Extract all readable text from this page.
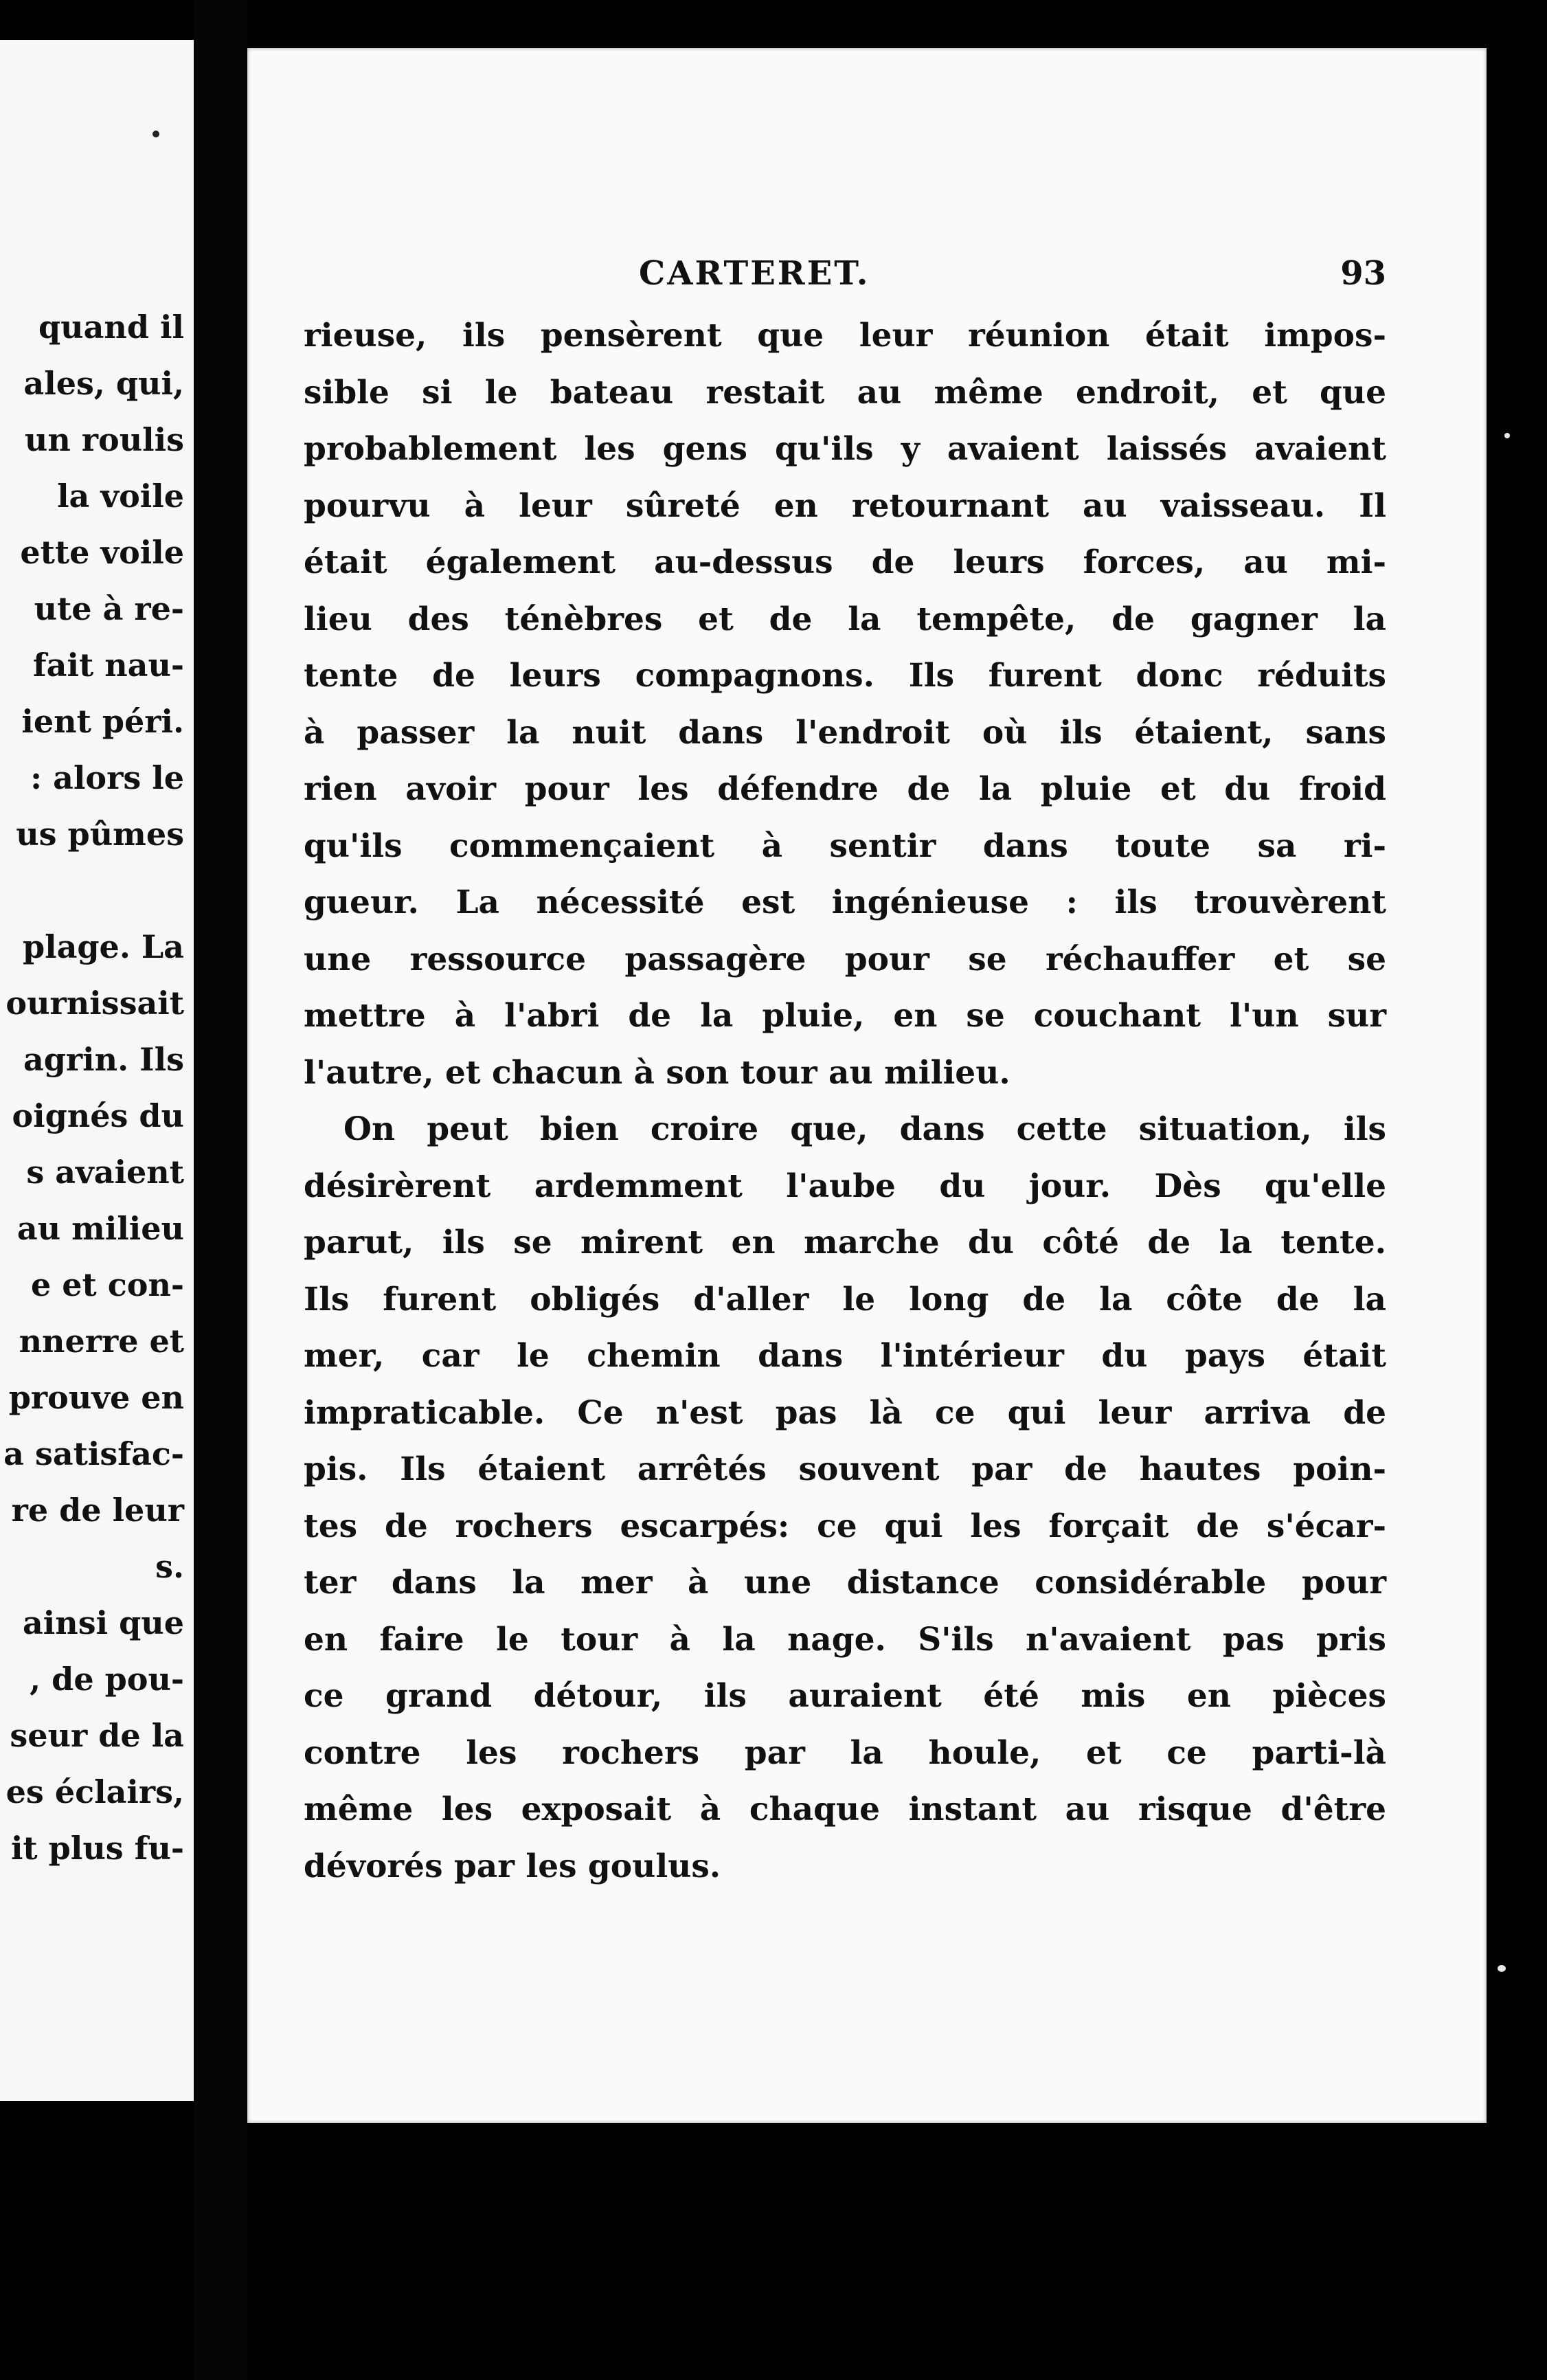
quand il
ales, qui,
un roulis
la voile
ette voile
ute à re-
fait nau-
ient péri.
: alors le
us pûmes
plage. La
ournissait
agrin. Ils
oignés du
s avaient
au milieu
e et con-
nnerre et
prouve en
a satisfac-
re de leur
s.
ainsi que
, de pou-
seur de la
es éclairs,
it plus fu-
CARTERET.	93
rieuse, ils pensèrent que leur réunion était impos-
sible si le bateau restait au même endroit, et que
probablement les gens qu'ils y avaient laissés avaient
pourvu à leur sûreté en retournant au vaisseau. Il
était également au-dessus de leurs forces, au mi-
lieu des ténèbres et de la tempête, de gagner la
tente de leurs compagnons. Ils furent donc réduits
à passer la nuit dans l'endroit où ils étaient, sans
rien avoir pour les défendre de la pluie et du froid
qu'ils commençaient à sentir dans toute sa ri-
gueur. La nécessité est ingénieuse : ils trouvèrent
une ressource passagère pour se réchauffer et se
mettre à l'abri de la pluie, en se couchant l'un sur
l'autre, et chacun à son tour au milieu.
On peut bien croire que, dans cette situation, ils
désirèrent ardemment l'aube du jour. Dès qu'elle
parut, ils se mirent en marche du côté de la tente.
Ils furent obligés d'aller le long de la côte de la
mer, car le chemin dans l'intérieur du pays était
impraticable. Ce n'est pas là ce qui leur arriva de
pis. Ils étaient arrêtés souvent par de hautes poin-
tes de rochers escarpés: ce qui les forçait de s'écar-
ter dans la mer à une distance considérable pour
en faire le tour à la nage. S'ils n'avaient pas pris
ce grand détour, ils auraient été mis en pièces
contre les rochers par la houle, et ce parti-là
même les exposait à chaque instant au risque d'être
dévorés par les goulus.
